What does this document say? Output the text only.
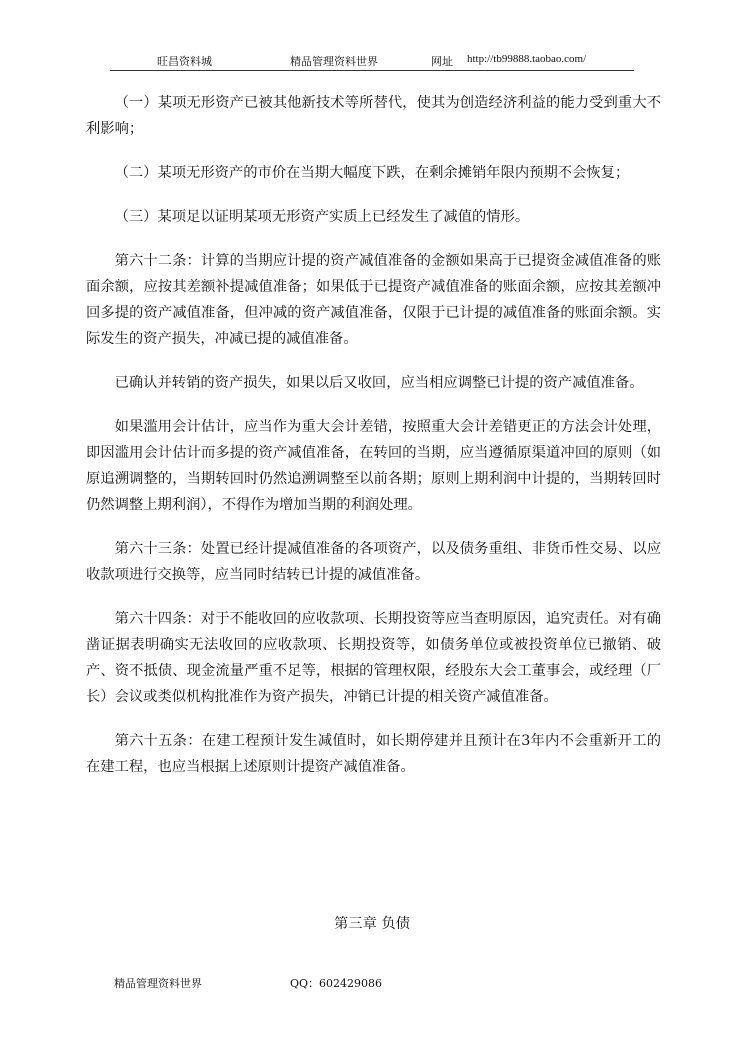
旺昌资料城	精品管理资料世界	网址 http://tb99888.taobao.com/

（一）某项无形资产已被其他新技术等所替代，使其为创造经济利益的能力受到重大不利影响；

（二）某项无形资产的市价在当期大幅度下跌，在剩余摊销年限内预期不会恢复；

（三）某项足以证明某项无形资产实质上已经发生了减值的情形。

第六十二条：计算的当期应计提的资产减值准备的金额如果高于已提资金减值准备的账面余额，应按其差额补提减值准备；如果低于已提资产减值准备的账面余额，应按其差额冲回多提的资产减值准备，但冲减的资产减值准备，仅限于已计提的减值准备的账面余额。实际发生的资产损失，冲减已提的减值准备。

已确认并转销的资产损失，如果以后又收回，应当相应调整已计提的资产减值准备。

如果滥用会计估计，应当作为重大会计差错，按照重大会计差错更正的方法会计处理，即因滥用会计估计而多提的资产减值准备，在转回的当期，应当遵循原渠道冲回的原则（如原追溯调整的，当期转回时仍然追溯调整至以前各期；原则上期利润中计提的，当期转回时仍然调整上期利润），不得作为增加当期的利润处理。

第六十三条：处置已经计提减值准备的各项资产，以及债务重组、非货币性交易、以应收款项进行交换等，应当同时结转已计提的减值准备。

第六十四条：对于不能收回的应收款项、长期投资等应当查明原因，追究责任。对有确凿证据表明确实无法收回的应收款项、长期投资等，如债务单位或被投资单位已撤销、破产、资不抵债、现金流量严重不足等，根据的管理权限，经股东大会工董事会，或经理（厂长）会议或类似机构批准作为资产损失，冲销已计提的相关资产减值准备。

第六十五条：在建工程预计发生减值时，如长期停建并且预计在3年内不会重新开工的在建工程，也应当根据上述原则计提资产减值准备。

第三章 负债
精品管理资料世界	QQ：602429086
